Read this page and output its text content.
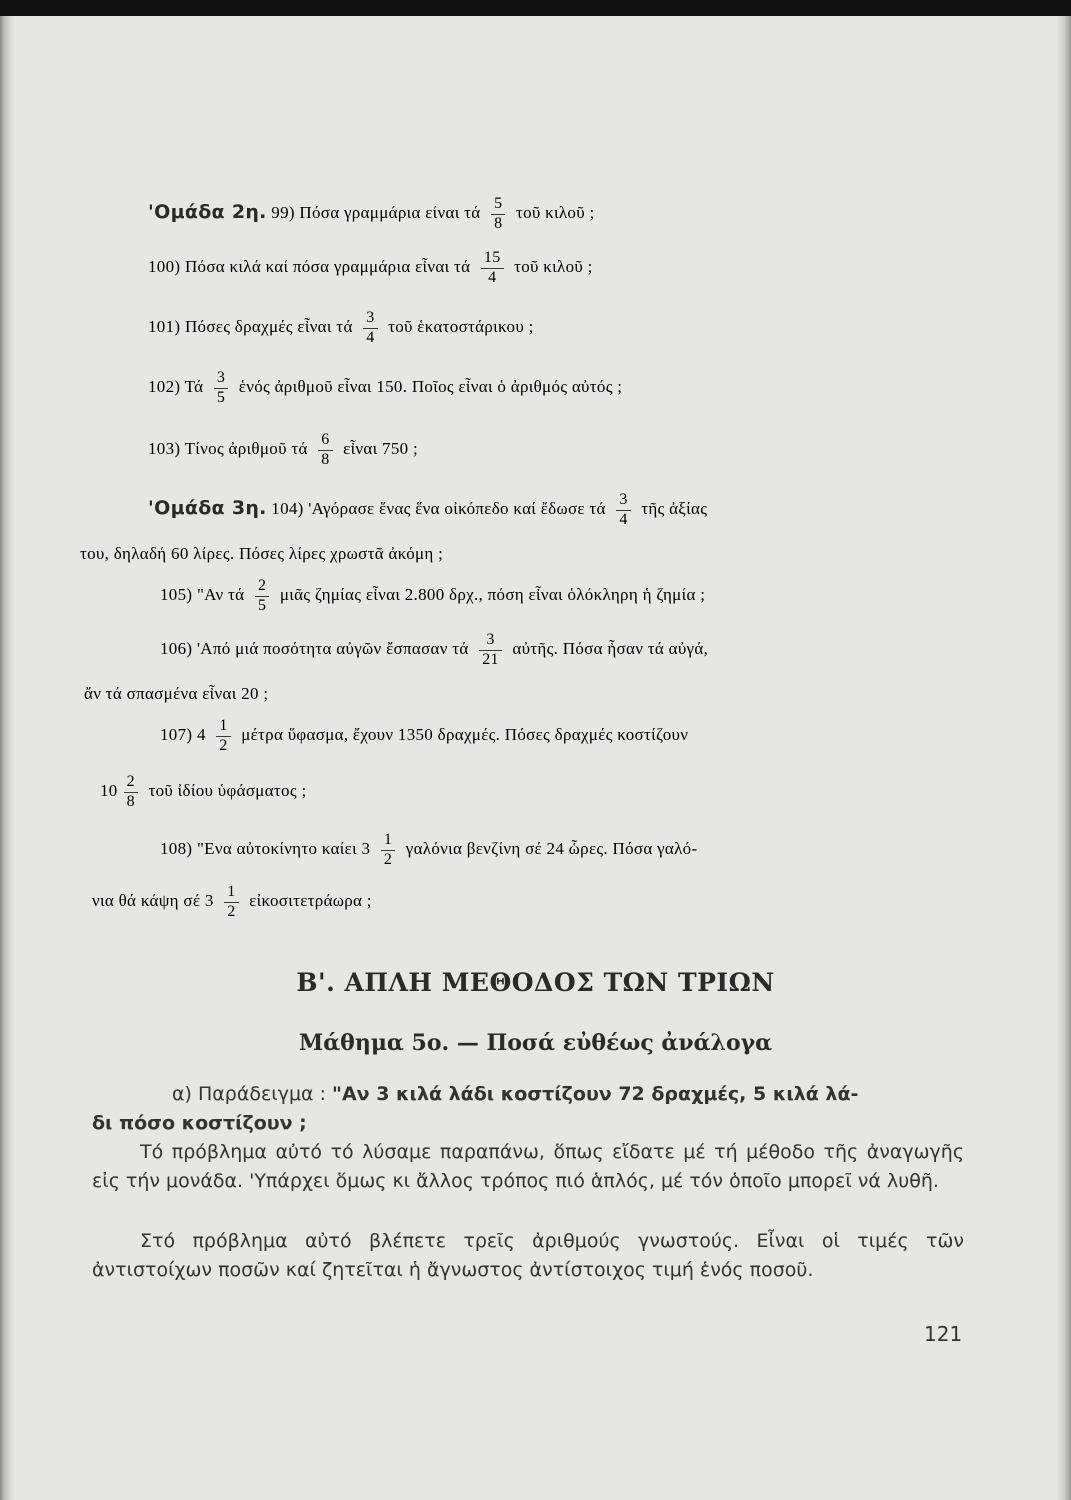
'Ομάδα 2η. 99) Πόσα γραμμάρια είναι τά $\frac{5}{8}$ τοῦ κιλοῦ ;
100) Πόσα κιλά καί πόσα γραμμάρια εἶναι τά $\frac{15}{4}$ τοῦ κιλοῦ ;
101) Πόσες δραχμές εἶναι τά $\frac{3}{4}$ τοῦ ἑκατοστάρικου ;
102) Τά $\frac{3}{5}$ ἑνός ἀριθμοῦ εἶναι 150. Ποῖος εἶναι ὁ ἀριθμός αὐτός ;
103) Τίνος ἀριθμοῦ τά $\frac{6}{8}$ εἶναι 750 ;
'Ομάδα 3η. 104) 'Αγόρασε ἕνας ἕνα οἰκόπεδο καί ἔδωσε τά $\frac{3}{4}$ τῆς ἀξίας
του, δηλαδή 60 λίρες. Πόσες λίρες χρωστᾶ ἀκόμη ;
105) "Αν τά $\frac{2}{5}$ μιᾶς ζημίας εἶναι 2.800 δρχ., πόση εἶναι ὁλόκληρη ἡ ζημία ;
106) 'Από μιά ποσότητα αὐγῶν ἔσπασαν τά $\frac{3}{21}$ αὐτῆς. Πόσα ἦσαν τά αὐγά,
ἄν τά σπασμένα εἶναι 20 ;
107) $4 \frac{1}{2}$ μέτρα ὕφασμα, ἔχουν 1350 δραχμές. Πόσες δραχμές κοστίζουν
$10 \frac{2}{8}$ τοῦ ἰδίου ὑφάσματος ;
108) "Ενα αὐτοκίνητο καίει $3 \frac{1}{2}$ γαλόνια βενζίνη σέ 24 ὧρες. Πόσα γαλό-
νια θά κάψη σέ $3 \frac{1}{2}$ εἰκοσιτετράωρα ;
Β'. ΑΠΛΗ ΜΕΘΟΔΟΣ ΤΩΝ ΤΡΙΩΝ
Μάθημα 5ο. — Ποσά εὐθέως ἀνάλογα
α) Παράδειγμα : "Αν 3 κιλά λάδι κοστίζουν 72 δραχμές, 5 κιλά λά-
δι πόσο κοστίζουν ;
Τό πρόβλημα αὐτό τό λύσαμε παραπάνω, ὅπως εἴδατε μέ τή μέθοδο τῆς ἀναγωγῆς εἰς τήν μονάδα. 'Υπάρχει ὅμως κι ἄλλος τρόπος πιό ἁπλός, μέ τόν ὁποῖο μπορεῖ νά λυθῆ.
Στό πρόβλημα αὐτό βλέπετε τρεῖς ἀριθμούς γνωστούς. Εἶναι οἱ τιμές τῶν ἀντιστοίχων ποσῶν καί ζητεῖται ἡ ἄγνωστος ἀντίστοιχος τιμή ἑνός ποσοῦ.
121
